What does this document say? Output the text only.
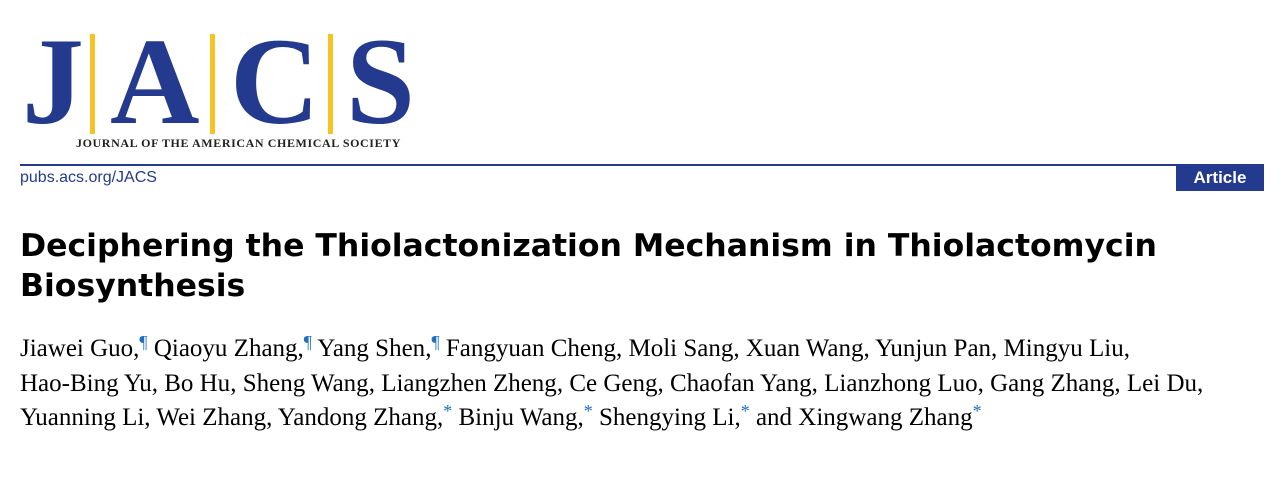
J A C S
JOURNAL OF THE AMERICAN CHEMICAL SOCIETY
pubs.acs.org/JACS	Article
Deciphering the Thiolactonization Mechanism in Thiolactomycin Biosynthesis

Jiawei Guo,¶ Qiaoyu Zhang,¶ Yang Shen,¶ Fangyuan Cheng, Moli Sang, Xuan Wang, Yunjun Pan, Mingyu Liu, Hao-Bing Yu, Bo Hu, Sheng Wang, Liangzhen Zheng, Ce Geng, Chaofan Yang, Lianzhong Luo, Gang Zhang, Lei Du, Yuanning Li, Wei Zhang, Yandong Zhang,* Binju Wang,* Shengying Li,* and Xingwang Zhang*
